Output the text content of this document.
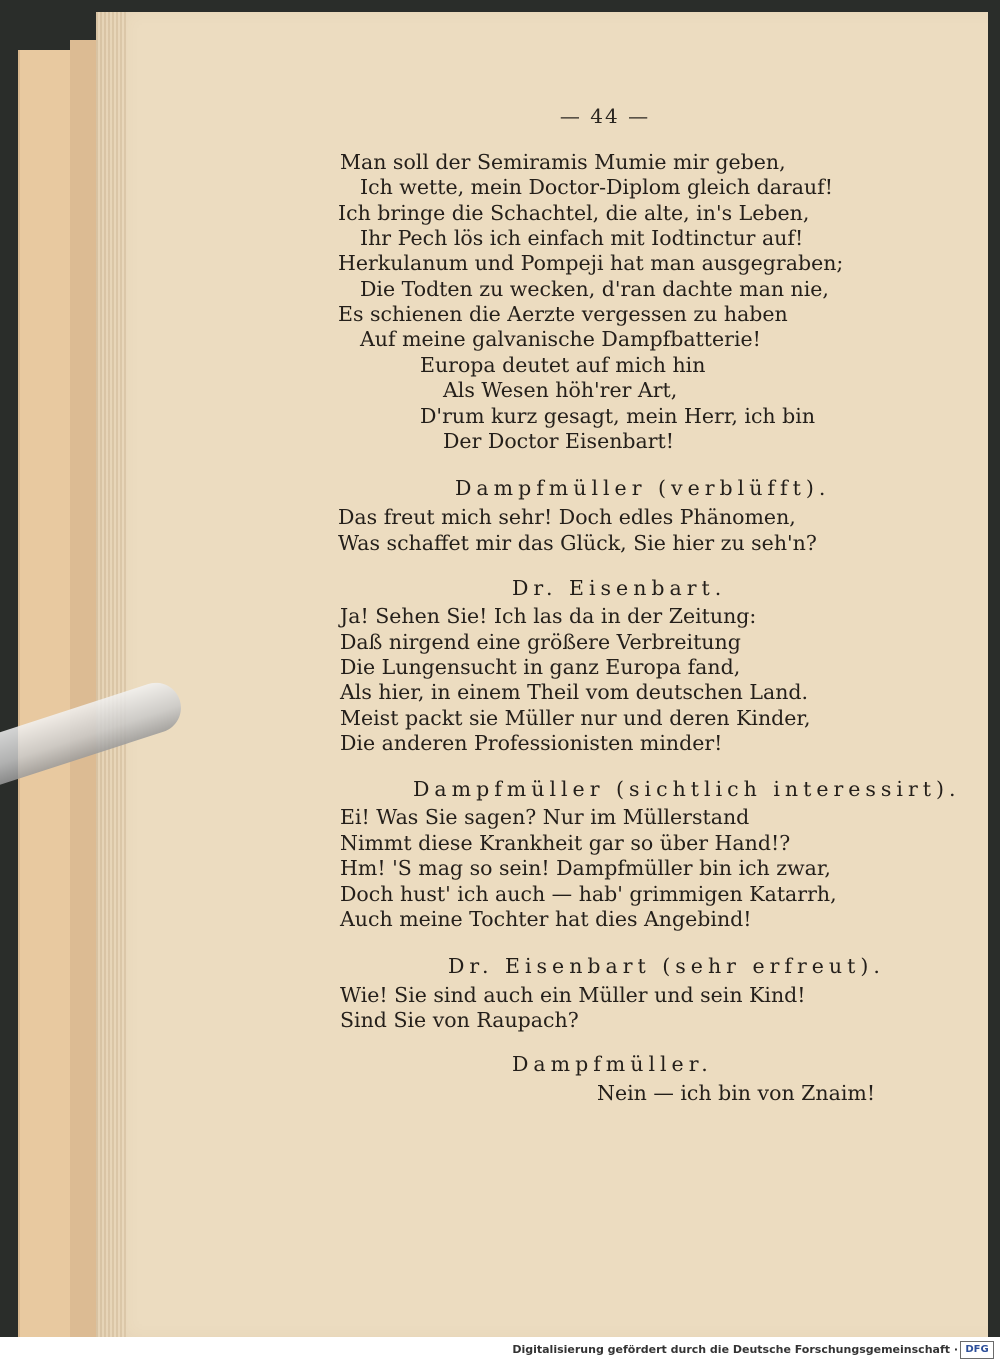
— 44 —
Man soll der Semiramis Mumie mir geben,
Ich wette, mein Doctor-Diplom gleich darauf!
Ich bringe die Schachtel, die alte, in's Leben,
Ihr Pech lös ich einfach mit Iodtinctur auf!
Herkulanum und Pompeji hat man ausgegraben;
Die Todten zu wecken, d'ran dachte man nie,
Es schienen die Aerzte vergessen zu haben
Auf meine galvanische Dampfbatterie!
Europa deutet auf mich hin
Als Wesen höh'rer Art,
D'rum kurz gesagt, mein Herr, ich bin
Der Doctor Eisenbart!
Dampfmüller (verblüfft).
Das freut mich sehr! Doch edles Phänomen,
Was schaffet mir das Glück, Sie hier zu seh'n?
Dr. Eisenbart.
Ja! Sehen Sie! Ich las da in der Zeitung:
Daß nirgend eine größere Verbreitung
Die Lungensucht in ganz Europa fand,
Als hier, in einem Theil vom deutschen Land.
Meist packt sie Müller nur und deren Kinder,
Die anderen Professionisten minder!
Dampfmüller (sichtlich interessirt).
Ei! Was Sie sagen? Nur im Müllerstand
Nimmt diese Krankheit gar so über Hand!?
Hm! 'S mag so sein! Dampfmüller bin ich zwar,
Doch hust' ich auch — hab' grimmigen Katarrh,
Auch meine Tochter hat dies Angebind!
Dr. Eisenbart (sehr erfreut).
Wie! Sie sind auch ein Müller und sein Kind!
Sind Sie von Raupach?
Dampfmüller.
Nein — ich bin von Znaim!
Digitalisierung gefördert durch die Deutsche Forschungsgemeinschaft · DFG
